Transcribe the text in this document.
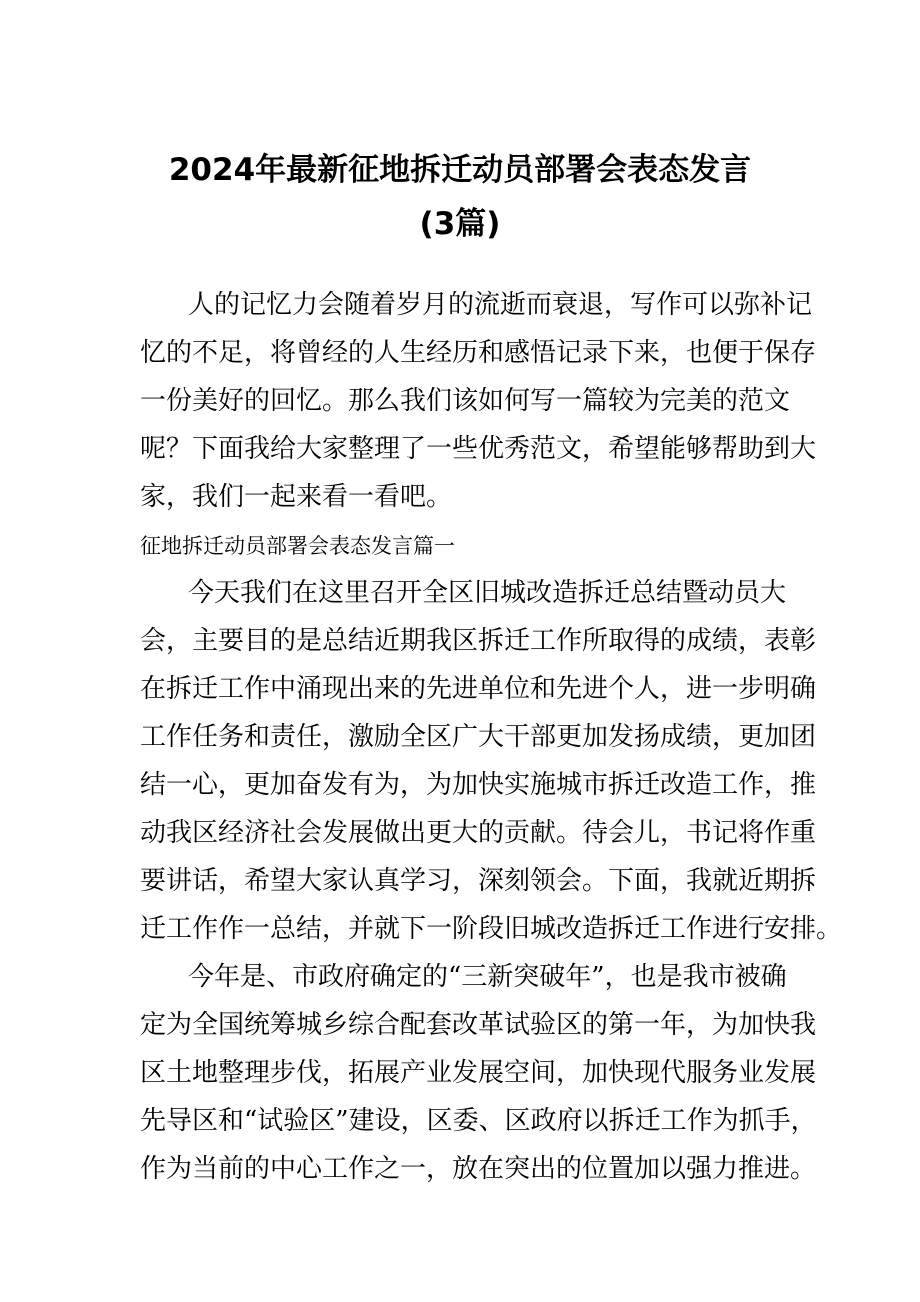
2024年最新征地拆迁动员部署会表态发言
(3篇)
人的记忆力会随着岁月的流逝而衰退，写作可以弥补记
忆的不足，将曾经的人生经历和感悟记录下来，也便于保存
一份美好的回忆。那么我们该如何写一篇较为完美的范文
呢？下面我给大家整理了一些优秀范文，希望能够帮助到大
家，我们一起来看一看吧。
征地拆迁动员部署会表态发言篇一
今天我们在这里召开全区旧城改造拆迁总结暨动员大
会，主要目的是总结近期我区拆迁工作所取得的成绩，表彰
在拆迁工作中涌现出来的先进单位和先进个人，进一步明确
工作任务和责任，激励全区广大干部更加发扬成绩，更加团
结一心，更加奋发有为，为加快实施城市拆迁改造工作，推
动我区经济社会发展做出更大的贡献。待会儿，书记将作重
要讲话，希望大家认真学习，深刻领会。下面，我就近期拆
迁工作作一总结，并就下一阶段旧城改造拆迁工作进行安排。
今年是、市政府确定的“三新突破年”，也是我市被确
定为全国统筹城乡综合配套改革试验区的第一年，为加快我
区土地整理步伐，拓展产业发展空间，加快现代服务业发展
先导区和“试验区”建设，区委、区政府以拆迁工作为抓手，
作为当前的中心工作之一，放在突出的位置加以强力推进。
